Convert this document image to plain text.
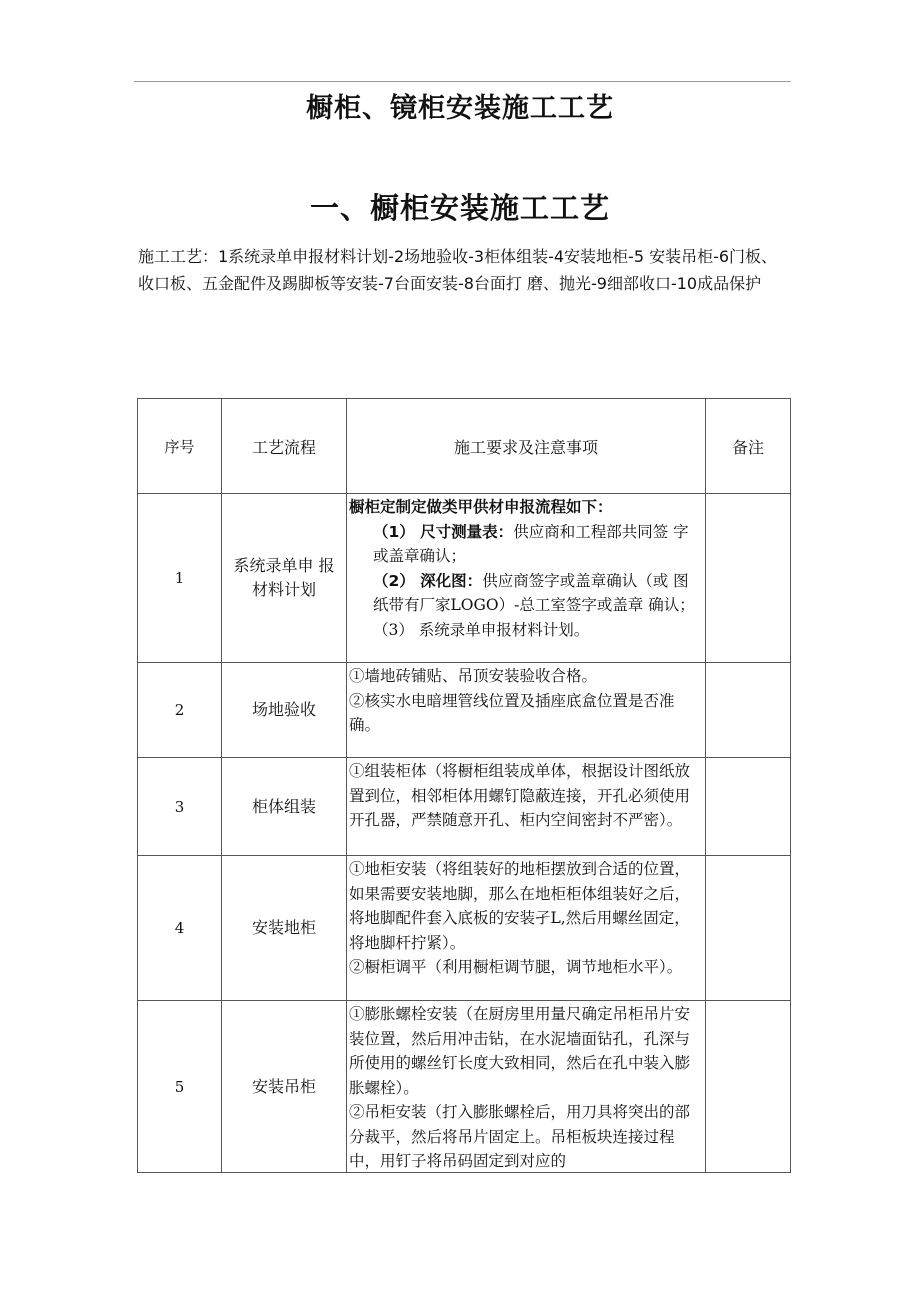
橱柜、镜柜安装施工工艺
一、橱柜安装施工工艺
施工工艺：1系统录单申报材料计划-2场地验收-3柜体组装-4安装地柜-5 安装吊柜-6门板、收口板、五金配件及踢脚板等安装-7台面安装-8台面打 磨、抛光-9细部收口-10成品保护
序号	工艺流程	施工要求及注意事项	备注
1	系统录单申 报材料计划	橱柜定制定做类甲供材申报流程如下：

（1） 尺寸测量表：供应商和工程部共同签 字或盖章确认；

（2） 深化图：供应商签字或盖章确认（或 图纸带有厂家LOGO）-总工室签字或盖章 确认；

（3） 系统录单申报材料计划。	

2	场地验收	①墙地砖铺贴、吊顶安装验收合格。

②核实水电暗埋管线位置及插座底盒位置是否准确。	

3	柜体组装	①组装柜体（将橱柜组装成单体，根据设计图纸放置到位，相邻柜体用螺钉隐蔽连接，开孔必须使用开孔器，严禁随意开孔、柜内空间密封不严密）。	

4	安装地柜	①地柜安装（将组装好的地柜摆放到合适的位置，如果需要安装地脚，那么在地柜柜体组装好之后，将地脚配件套入底板的安装孑L,然后用螺丝固定，将地脚杆拧紧）。

②橱柜调平（利用橱柜调节腿，调节地柜水平）。	

5	安装吊柜	①膨胀螺栓安装（在厨房里用量尺确定吊柜吊片安装位置，然后用冲击钻，在水泥墙面钻孔，孔深与所使用的螺丝钉长度大致相同，然后在孔中装入膨胀螺栓）。

②吊柜安装（打入膨胀螺栓后，用刀具将突出的部分裁平，然后将吊片固定上。吊柜板块连接过程中，用钉子将吊码固定到对应的	
